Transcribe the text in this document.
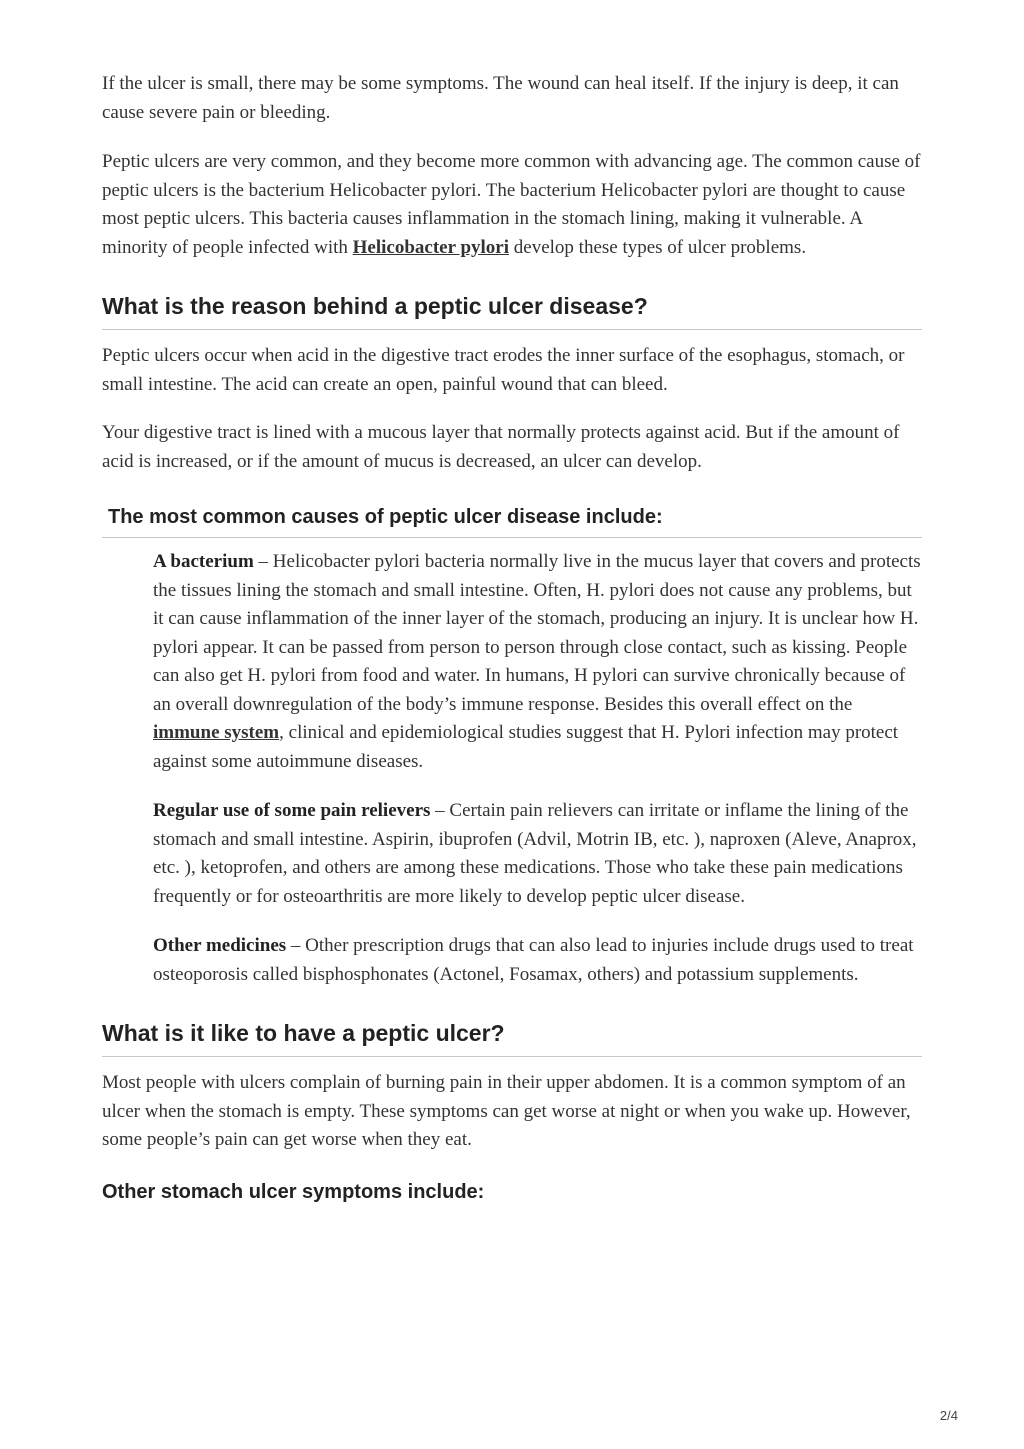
If the ulcer is small, there may be some symptoms. The wound can heal itself. If the injury is deep, it can cause severe pain or bleeding.

Peptic ulcers are very common, and they become more common with advancing age. The common cause of peptic ulcers is the bacterium Helicobacter pylori. The bacterium Helicobacter pylori are thought to cause most peptic ulcers. This bacteria causes inflammation in the stomach lining, making it vulnerable. A minority of people infected with Helicobacter pylori develop these types of ulcer problems.

What is the reason behind a peptic ulcer disease?

Peptic ulcers occur when acid in the digestive tract erodes the inner surface of the esophagus, stomach, or small intestine. The acid can create an open, painful wound that can bleed.

Your digestive tract is lined with a mucous layer that normally protects against acid. But if the amount of acid is increased, or if the amount of mucus is decreased, an ulcer can develop.

The most common causes of peptic ulcer disease include:

A bacterium – Helicobacter pylori bacteria normally live in the mucus layer that covers and protects the tissues lining the stomach and small intestine. Often, H. pylori does not cause any problems, but it can cause inflammation of the inner layer of the stomach, producing an injury. It is unclear how H. pylori appear. It can be passed from person to person through close contact, such as kissing. People can also get H. pylori from food and water. In humans, H pylori can survive chronically because of an overall downregulation of the body’s immune response. Besides this overall effect on the immune system, clinical and epidemiological studies suggest that H. Pylori infection may protect against some autoimmune diseases.

Regular use of some pain relievers – Certain pain relievers can irritate or inflame the lining of the stomach and small intestine. Aspirin, ibuprofen (Advil, Motrin IB, etc. ), naproxen (Aleve, Anaprox, etc. ), ketoprofen, and others are among these medications. Those who take these pain medications frequently or for osteoarthritis are more likely to develop peptic ulcer disease.

Other medicines – Other prescription drugs that can also lead to injuries include drugs used to treat osteoporosis called bisphosphonates (Actonel, Fosamax, others) and potassium supplements.

What is it like to have a peptic ulcer?

Most people with ulcers complain of burning pain in their upper abdomen. It is a common symptom of an ulcer when the stomach is empty. These symptoms can get worse at night or when you wake up. However, some people’s pain can get worse when they eat.

Other stomach ulcer symptoms include:
2/4
